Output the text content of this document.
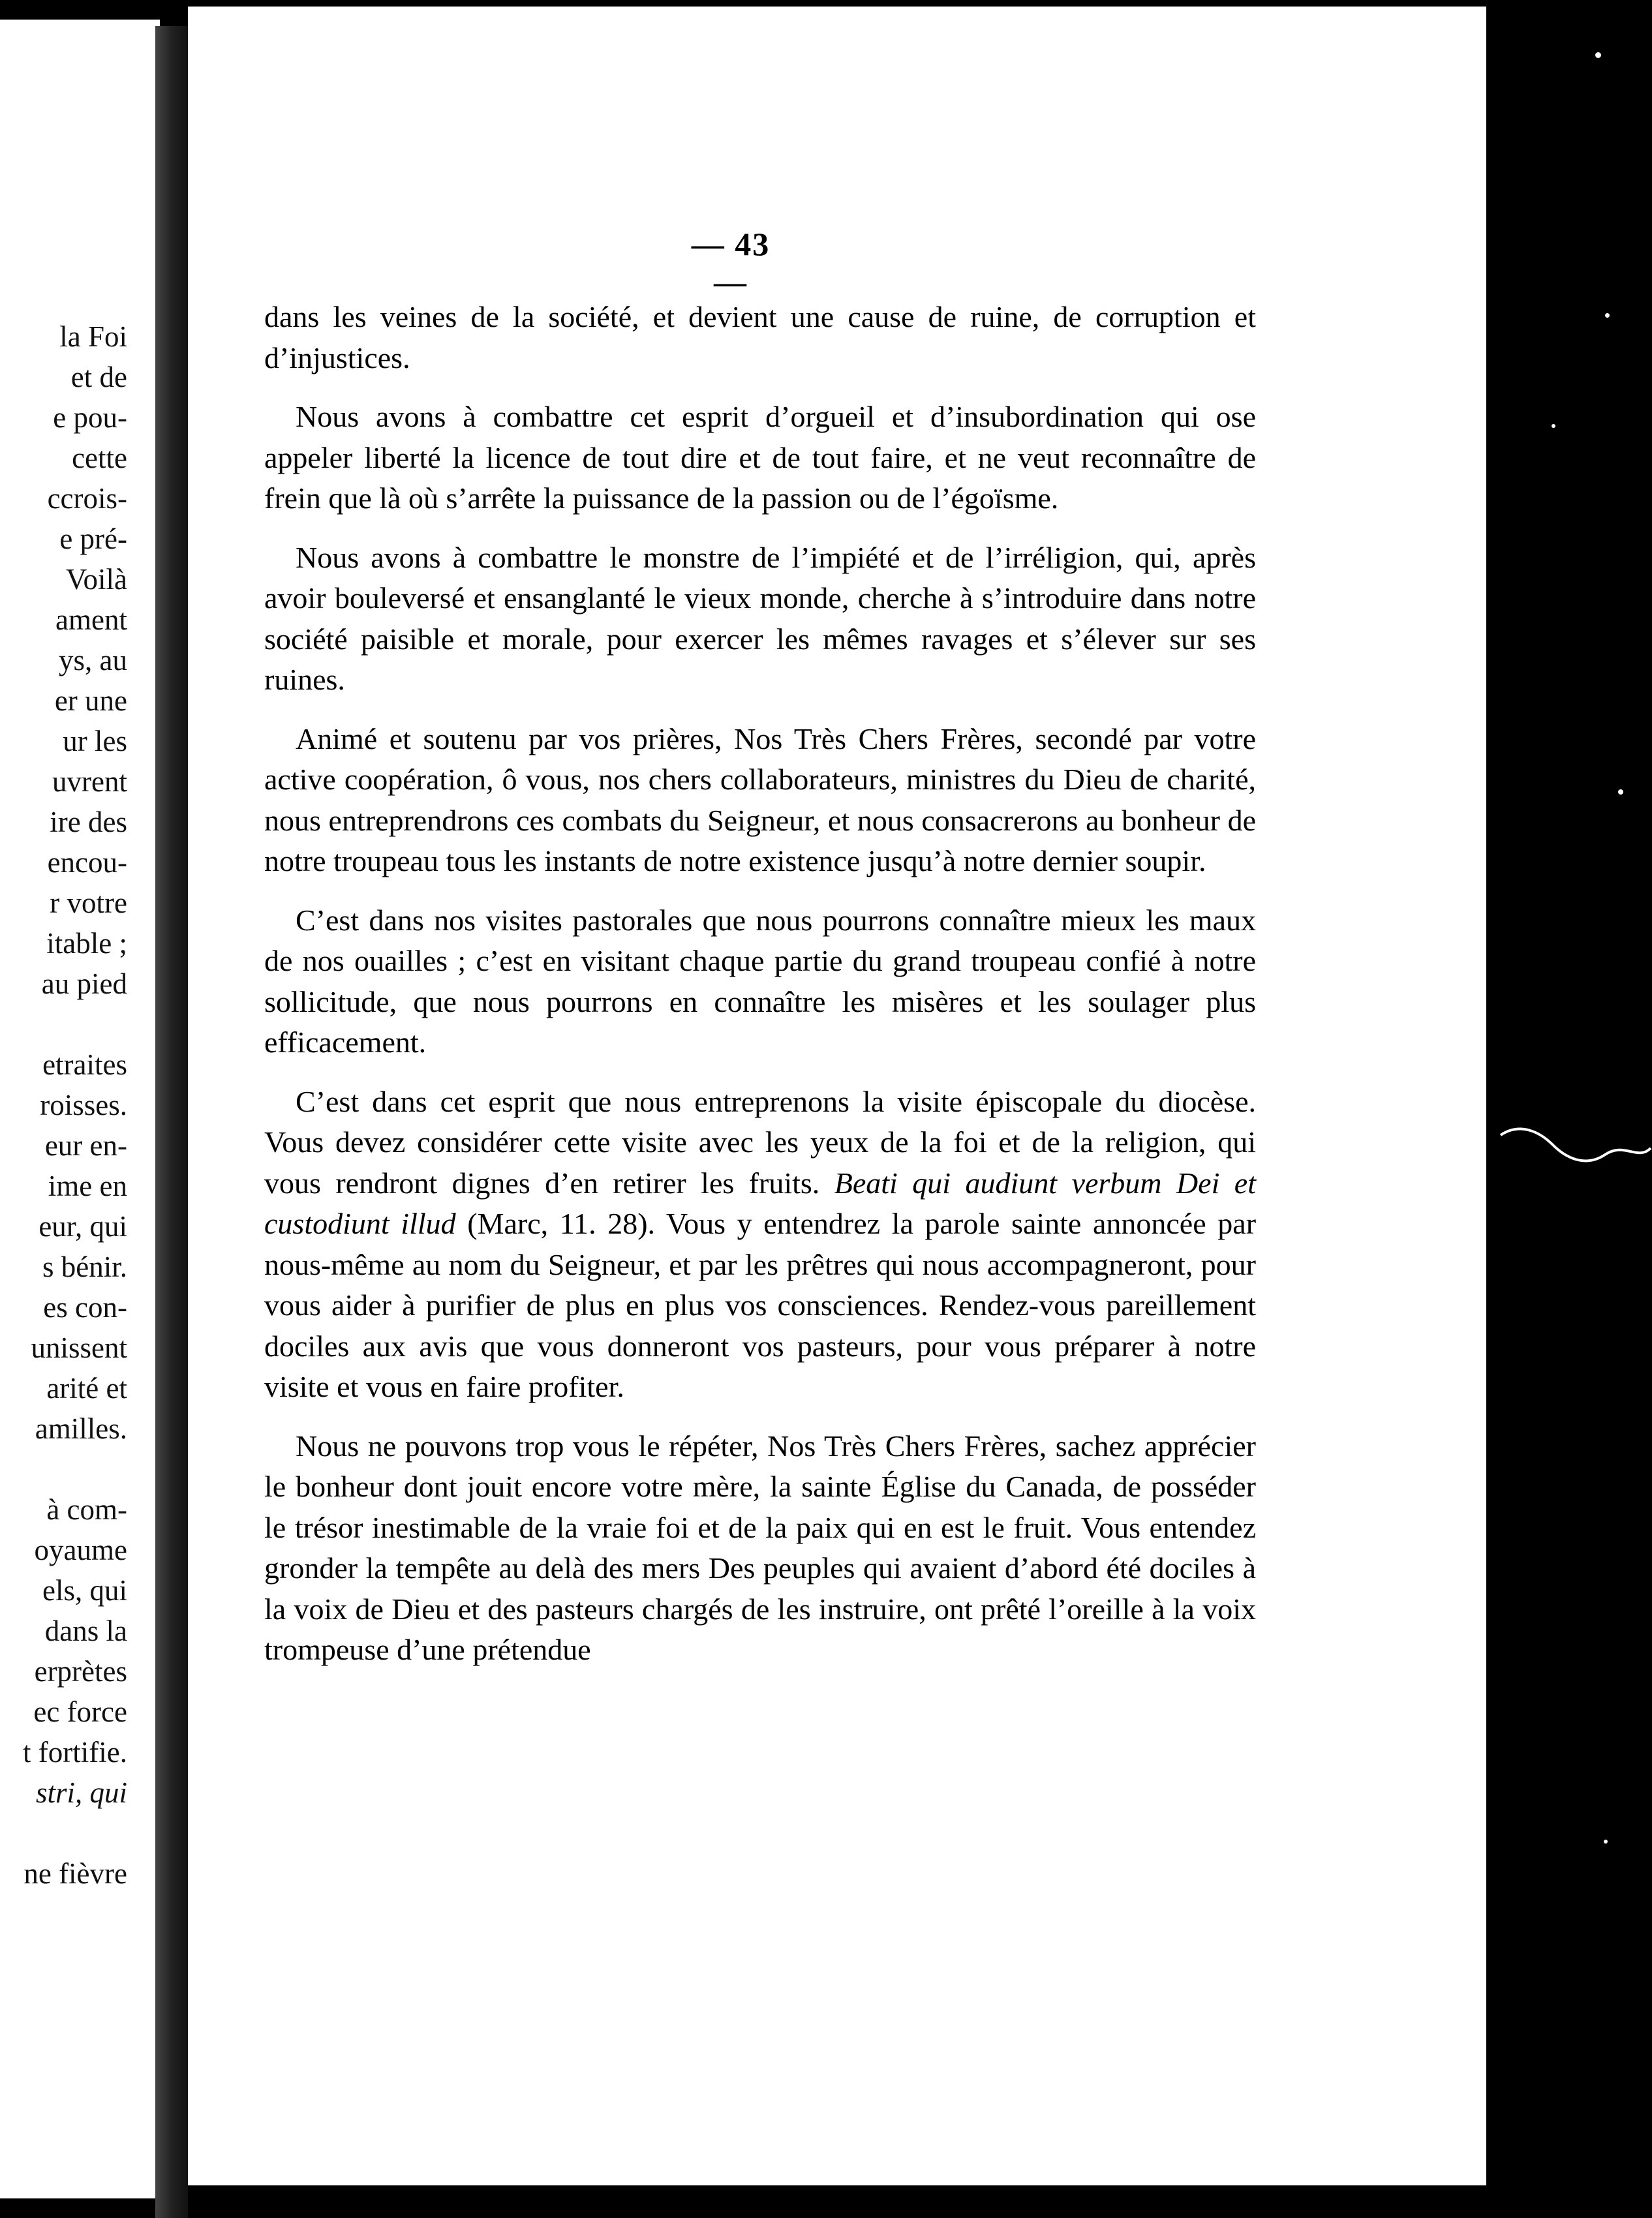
la Foi
et de
e pou-
cette
ccrois-
e pré-
Voilà
ament
ys, au
er une
ur les
uvrent
ire des
encou-
r votre
itable ;
au pied
etraites
roisses.
eur en-
ime en
eur, qui
s bénir.
es con-
unissent
arité et
amilles.
à com-
oyaume
els, qui
dans la
erprètes
ec force
t fortifie.
stri, qui
ne fièvre
— 43 —

dans les veines de la société, et devient une cause de ruine, de corruption et d’injustices.

Nous avons à combattre cet esprit d’orgueil et d’insubordination qui ose appeler liberté la licence de tout dire et de tout faire, et ne veut reconnaître de frein que là où s’arrête la puissance de la passion ou de l’égoïsme.

Nous avons à combattre le monstre de l’impiété et de l’irréligion, qui, après avoir bouleversé et ensanglanté le vieux monde, cherche à s’introduire dans notre société paisible et morale, pour exercer les mêmes ravages et s’élever sur ses ruines.

Animé et soutenu par vos prières, Nos Très Chers Frères, secondé par votre active coopération, ô vous, nos chers collaborateurs, ministres du Dieu de charité, nous entreprendrons ces combats du Seigneur, et nous consacrerons au bonheur de notre troupeau tous les instants de notre existence jusqu’à notre dernier soupir.

C’est dans nos visites pastorales que nous pourrons connaître mieux les maux de nos ouailles ; c’est en visitant chaque partie du grand troupeau confié à notre sollicitude, que nous pourrons en connaître les misères et les soulager plus efficacement.

C’est dans cet esprit que nous entreprenons la visite épiscopale du diocèse. Vous devez considérer cette visite avec les yeux de la foi et de la religion, qui vous rendront dignes d’en retirer les fruits. Beati qui audiunt verbum Dei et custodiunt illud (Marc, 11. 28). Vous y entendrez la parole sainte annoncée par nous-même au nom du Seigneur, et par les prêtres qui nous accompagneront, pour vous aider à purifier de plus en plus vos consciences. Rendez-vous pareillement dociles aux avis que vous donneront vos pasteurs, pour vous préparer à notre visite et vous en faire profiter.

Nous ne pouvons trop vous le répéter, Nos Très Chers Frères, sachez apprécier le bonheur dont jouit encore votre mère, la sainte Église du Canada, de posséder le trésor inestimable de la vraie foi et de la paix qui en est le fruit. Vous entendez gronder la tempête au delà des mers Des peuples qui avaient d’abord été dociles à la voix de Dieu et des pasteurs chargés de les instruire, ont prêté l’oreille à la voix trompeuse d’une prétendue
